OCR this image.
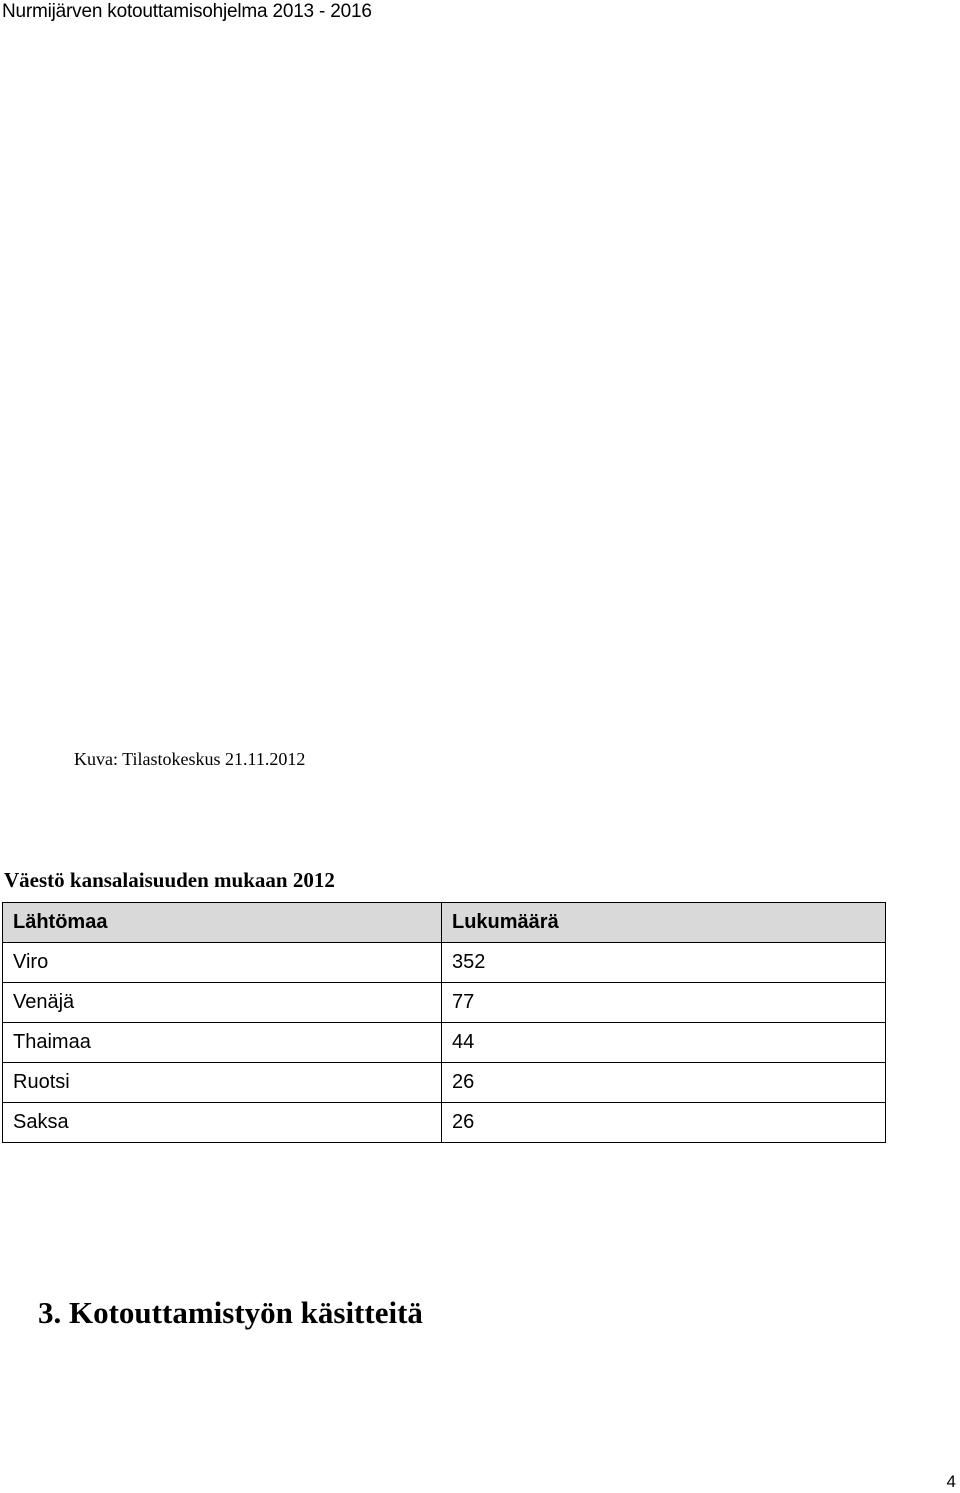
Nurmijärven kotouttamisohjelma 2013 - 2016
Kuva: Tilastokeskus 21.11.2012
Väestö kansalaisuuden mukaan 2012
Lähtömaa	Lukumäärä
Viro	352
Venäjä	77
Thaimaa	44
Ruotsi	26
Saksa	26
3. Kotouttamistyön käsitteitä
4
